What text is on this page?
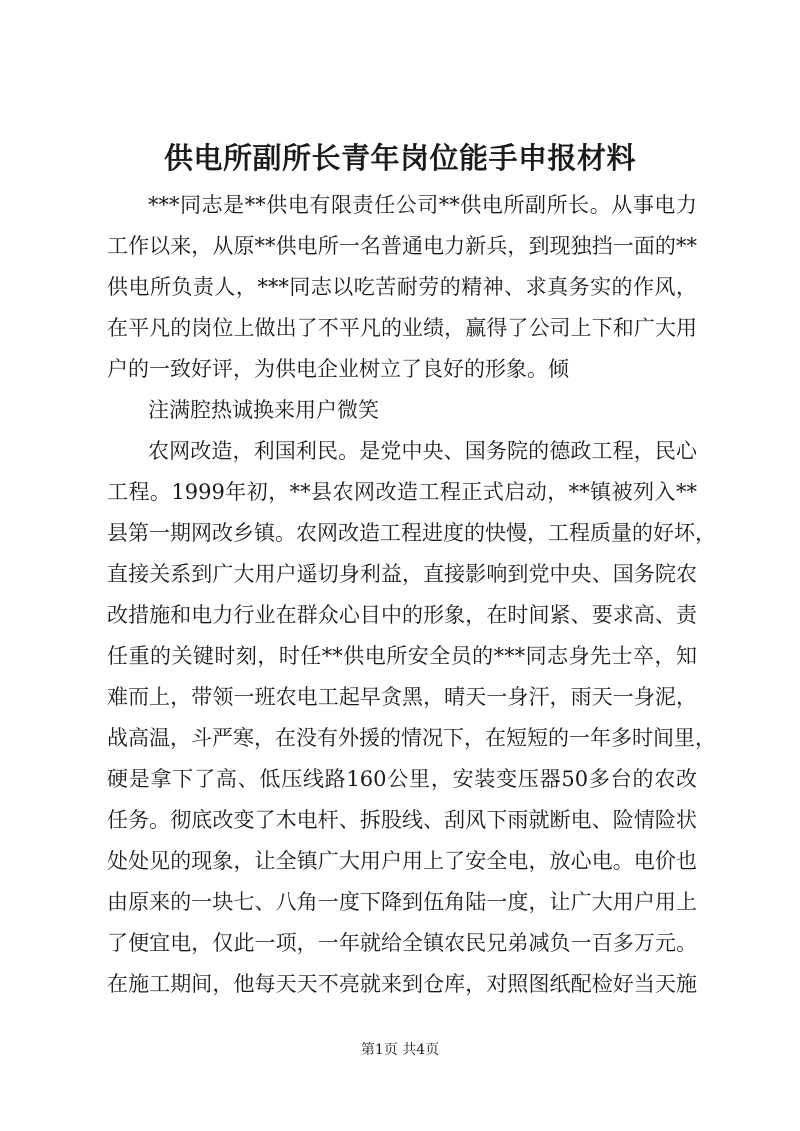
供电所副所长青年岗位能手申报材料
***同志是**供电有限责任公司**供电所副所长。从事电力
工作以来，从原**供电所一名普通电力新兵，到现独挡一面的**
供电所负责人，***同志以吃苦耐劳的精神、求真务实的作风，
在平凡的岗位上做出了不平凡的业绩，赢得了公司上下和广大用
户的一致好评，为供电企业树立了良好的形象。倾
注满腔热诚换来用户微笑
农网改造，利国利民。是党中央、国务院的德政工程，民心
工程。1999年初，**县农网改造工程正式启动，**镇被列入**
县第一期网改乡镇。农网改造工程进度的快慢，工程质量的好坏，
直接关系到广大用户遥切身利益，直接影响到党中央、国务院农
改措施和电力行业在群众心目中的形象，在时间紧、要求高、责
任重的关键时刻，时任**供电所安全员的***同志身先士卒，知
难而上，带领一班农电工起早贪黑，晴天一身汗，雨天一身泥，
战高温，斗严寒，在没有外援的情况下，在短短的一年多时间里，
硬是拿下了高、低压线路160公里，安装变压器50多台的农改
任务。彻底改变了木电杆、拆股线、刮风下雨就断电、险情险状
处处见的现象，让全镇广大用户用上了安全电，放心电。电价也
由原来的一块七、八角一度下降到伍角陆一度，让广大用户用上
了便宜电，仅此一项，一年就给全镇农民兄弟减负一百多万元。
在施工期间，他每天天不亮就来到仓库，对照图纸配检好当天施
第1页 共4页
